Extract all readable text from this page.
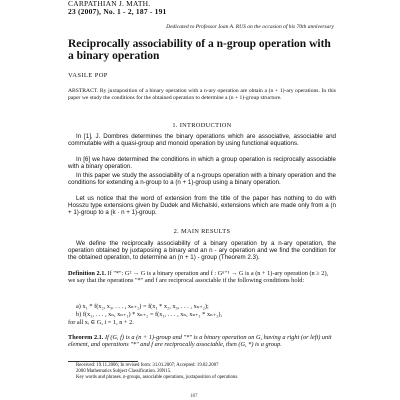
CARPATHIAN J. MATH.
23 (2007), No. 1 - 2, 187 - 191
Dedicated to Professor Ioan A. RUS on the occasion of his 70th anniversary
Reciprocally associability of a n-group operation with
a binary operation
VASILE POP
ABSTRACT. By juxtaposition of a binary operation with a n-ary operation are obtain a (n + 1)-ary operations. In this paper we study the conditions for the obtained operation to determine a (n + 1)-group structure.
1. INTRODUCTION
In [1], J. Dombres determines the binary operations which are associative, associable and commutable with a quasi-group and monoid operation by using functional equations.
In [6] we have determined the conditions in which a group operation is reciprocally associable with a binary operation.
In this paper we study the associability of a n-groups operation with a binary operation and the conditions for extending a n-group to a (n + 1)-group using a binary operation.
Let us notice that the word of extension from the title of the paper has nothing to do with Hosszu type extensions given by Dudek and Michalski, extensions which are made only from a (n + 1)-group to a (k · n + 1)-group.
2. MAIN RESULTS
We define the reciprocally associability of a binary operation by a n-ary operation, the operation obtained by juxtaposing a binary and an n - ary operation and we find the condition for the obtained operation, to determine an (n + 1) - group (Theorem 2.3).
Definition 2.1. If "*": G² → G is a binary operation and f : Gⁿ⁺¹ → G is a (n + 1)-ary operation (n ≥ 2), we say that the operations "*" and f are reciprocal associable if the following conditions hold:
a) x₁ * f(x₂, x₃, . . . , xₙ₊₂) = f(x₁ * x₂, x₃, . . . , xₙ₊₂);
b) f(x₁, . . . , xₙ, xₙ₊₁) * xₙ₊₂ = f(x₁, . . . , xₙ, xₙ₊₁ * xₙ₊₂),
for all xᵢ ∈ G, i = 1, n + 2.
Theorem 2.1. If (G, f) is a (n + 1)-group and "*" is a binary operation on G, having a right (or left) unit element, and operations "*" and f are reciprocally associable, then (G, *) is a group.
Received: 19.11.2006; In revised form: 31.01.2007; Accepted: 19.02.2007
2000 Mathematics Subject Classification. 20N15.
Key words and phrases. n-groups, associable operations, juxtaposition of operations.
187
